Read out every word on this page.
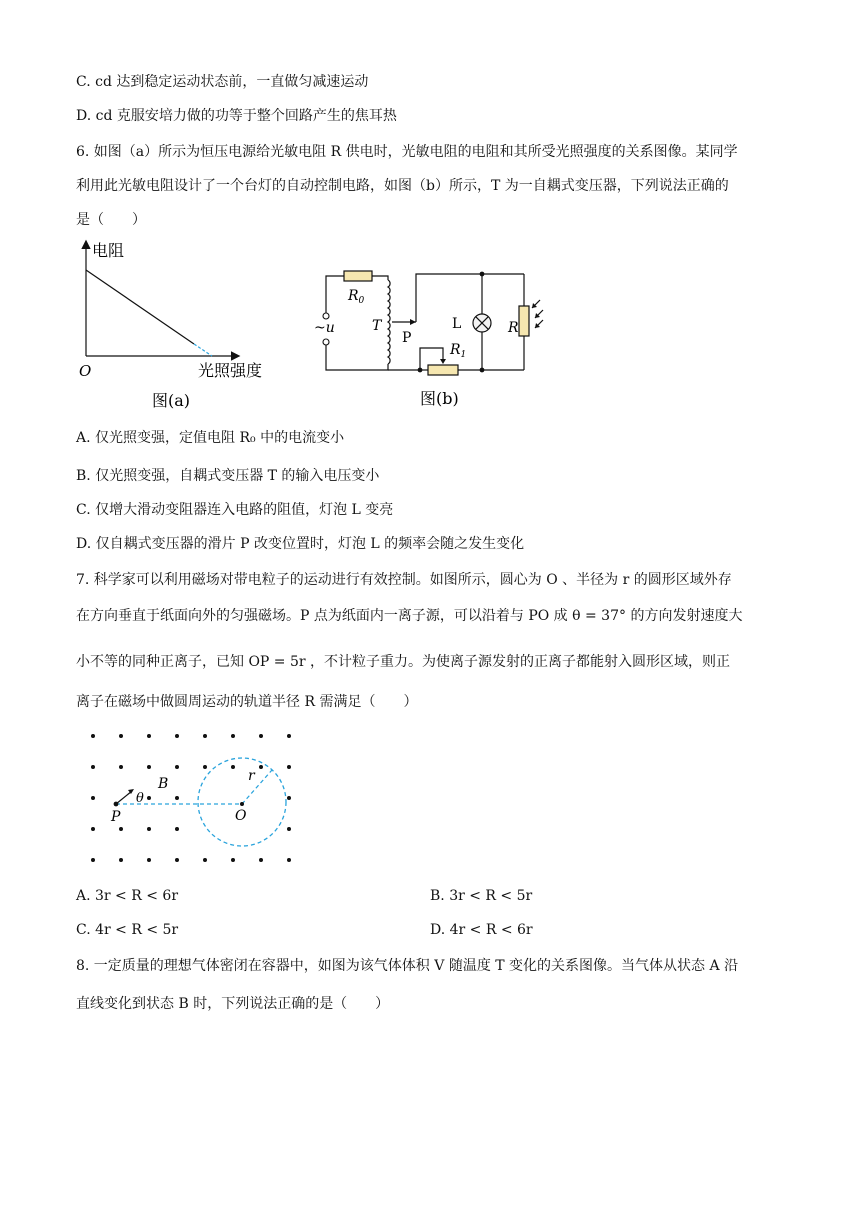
C. cd 达到稳定运动状态前，一直做匀减速运动
D. cd 克服安培力做的功等于整个回路产生的焦耳热
6. 如图（a）所示为恒压电源给光敏电阻 R 供电时，光敏电阻的电阻和其所受光照强度的关系图像。某同学
利用此光敏电阻设计了一个台灯的自动控制电路，如图（b）所示，T 为一自耦式变压器，下列说法正确的
是（　　）
电阻
光照强度
O
图(a)
~u
$R_0$
T
P
L
$R_1$
R
图(b)
A. 仅光照变强，定值电阻 R₀ 中的电流变小
B. 仅光照变强，自耦式变压器 T 的输入电压变小
C. 仅增大滑动变阻器连入电路的阻值，灯泡 L 变亮
D. 仅自耦式变压器的滑片 P 改变位置时，灯泡 L 的频率会随之发生变化
7. 科学家可以利用磁场对带电粒子的运动进行有效控制。如图所示，圆心为 O 、半径为 r 的圆形区域外存
在方向垂直于纸面向外的匀强磁场。P 点为纸面内一离子源，可以沿着与 PO 成 θ = 37° 的方向发射速度大
小不等的同种正离子，已知 OP = 5r ，不计粒子重力。为使离子源发射的正离子都能射入圆形区域，则正
离子在磁场中做圆周运动的轨道半径 R 需满足（　　）
B
θ
P	O
r
A. 3r < R < 6r	B. 3r < R < 5r
C. 4r < R < 5r	D. 4r < R < 6r
8. 一定质量的理想气体密闭在容器中，如图为该气体体积 V 随温度 T 变化的关系图像。当气体从状态 A 沿
直线变化到状态 B 时，下列说法正确的是（　　）
